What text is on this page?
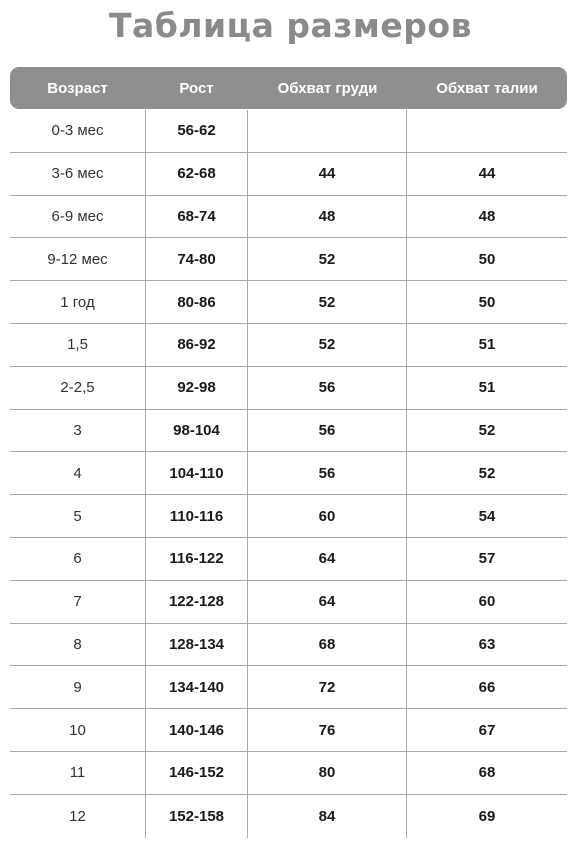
Таблица размеров
Возраст	Рост	Обхват груди	Обхват талии
0-3 мес	56-62
3-6 мес	62-68	44	44
6-9 мес	68-74	48	48
9-12 мес	74-80	52	50
1 год	80-86	52	50
1,5	86-92	52	51
2-2,5	92-98	56	51
3	98-104	56	52
4	104-110	56	52
5	110-116	60	54
6	116-122	64	57
7	122-128	64	60
8	128-134	68	63
9	134-140	72	66
10	140-146	76	67
11	146-152	80	68
12	152-158	84	69
